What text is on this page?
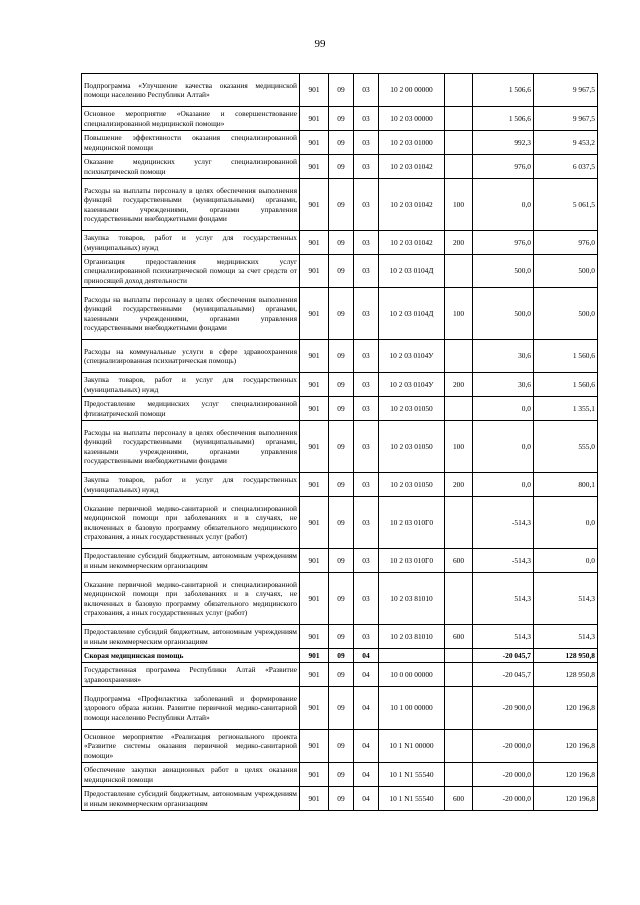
99
Подпрограмма «Улучшение качества оказания медицинской помощи населению Республики Алтай»	901	09	03	10 2 00 00000		1 506,6	9 967,5
Основное мероприятие «Оказание и совершенствование специализированной медицинской помощи»	901	09	03	10 2 03 00000		1 506,6	9 967,5
Повышение эффективности оказания специализированной медицинской помощи	901	09	03	10 2 03 01000		992,3	9 453,2
Оказание медицинских услуг специализированной психиатрической помощи	901	09	03	10 2 03 01042		976,0	6 037,5
Расходы на выплаты персоналу в целях обеспечения выполнения функций государственными (муниципальными) органами, казенными учреждениями, органами управления государственными внебюджетными фондами	901	09	03	10 2 03 01042	100	0,0	5 061,5
Закупка товаров, работ и услуг для государственных (муниципальных) нужд	901	09	03	10 2 03 01042	200	976,0	976,0
Организация предоставления медицинских услуг специализированной психиатрической помощи за счет средств от приносящей доход деятельности	901	09	03	10 2 03 0104Д		500,0	500,0
Расходы на выплаты персоналу в целях обеспечения выполнения функций государственными (муниципальными) органами, казенными учреждениями, органами управления государственными внебюджетными фондами	901	09	03	10 2 03 0104Д	100	500,0	500,0
Расходы на коммунальные услуги в сфере здравоохранения (специализированная психиатрическая помощь)	901	09	03	10 2 03 0104У		30,6	1 560,6
Закупка товаров, работ и услуг для государственных (муниципальных) нужд	901	09	03	10 2 03 0104У	200	30,6	1 560,6
Предоставление медицинских услуг специализированной фтизиатрической помощи	901	09	03	10 2 03 01050		0,0	1 355,1
Расходы на выплаты персоналу в целях обеспечения выполнения функций государственными (муниципальными) органами, казенными учреждениями, органами управления государственными внебюджетными фондами	901	09	03	10 2 03 01050	100	0,0	555,0
Закупка товаров, работ и услуг для государственных (муниципальных) нужд	901	09	03	10 2 03 01050	200	0,0	800,1
Оказание первичной медико-санитарной и специализированной медицинской помощи при заболеваниях и в случаях, не включенных в базовую программу обязательного медицинского страхования, а иных государственных услуг (работ)	901	09	03	10 2 03 010Г0		-514,3	0,0
Предоставление субсидий бюджетным, автономным учреждениям и иным некоммерческим организациям	901	09	03	10 2 03 010Г0	600	-514,3	0,0
Оказание первичной медико-санитарной и специализированной медицинской помощи при заболеваниях и в случаях, не включенных в базовую программу обязательного медицинского страхования, а иных государственных услуг (работ)	901	09	03	10 2 03 81010		514,3	514,3
Предоставление субсидий бюджетным, автономным учреждениям и иным некоммерческим организациям	901	09	03	10 2 03 81010	600	514,3	514,3
Скорая медицинская помощь	901	09	04			-20 045,7	128 950,8
Государственная программа Республики Алтай «Развитие здравоохранения»	901	09	04	10 0 00 00000		-20 045,7	128 950,8
Подпрограмма «Профилактика заболеваний и формирование здорового образа жизни. Развитие первичной медико-санитарной помощи населению Республики Алтай»	901	09	04	10 1 00 00000		-20 900,0	120 196,8
Основное мероприятие «Реализация регионального проекта «Развитие системы оказания первичной медико-санитарной помощи»	901	09	04	10 1 N1 00000		-20 000,0	120 196,8
Обеспечение закупки авиационных работ в целях оказания медицинской помощи	901	09	04	10 1 N1 55540		-20 000,0	120 196,8
Предоставление субсидий бюджетным, автономным учреждениям и иным некоммерческим организациям	901	09	04	10 1 N1 55540	600	-20 000,0	120 196,8
